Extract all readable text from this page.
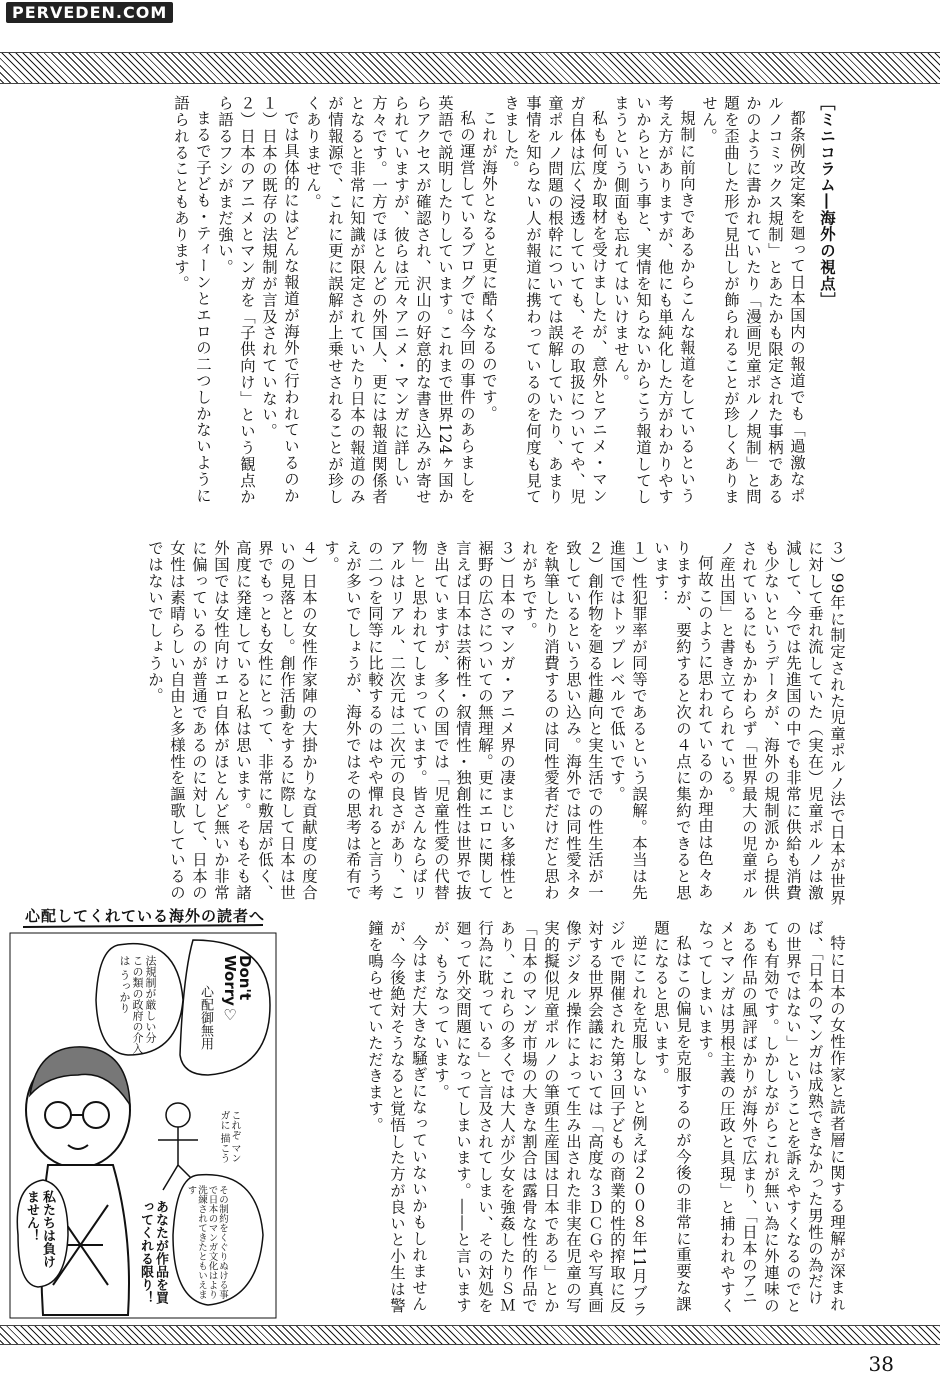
PERVEDEN.COM
［ミニコラム―海外の視点］

都条例改定案を廻って日本国内の報道でも「過激なポルノコミックス規制」とあたかも限定された事柄であるかのように書かれていたり「漫画児童ポルノ規制」と問題を歪曲した形で見出しが飾られることが珍しくありません。

規制に前向きであるからこんな報道をしているという考え方がありますが、他にも単純化した方がわかりやすいからという事と、実情を知らないからこう報道してしまうという側面も忘れてはいけません。

私も何度か取材を受けましたが、意外とアニメ・マンガ自体は広く浸透していても、その取扱についてや、児童ポルノ問題の根幹については誤解していたり、あまり事情を知らない人が報道に携わっているのを何度も見てきました。

これが海外となると更に酷くなるのです。

私の運営しているブログでは今回の事件のあらましを英語で説明したりしています。これまで世界124ヶ国からアクセスが確認され、沢山の好意的な書き込みが寄せられていますが、彼らは元々アニメ・マンガに詳しい方々です。一方でほとんどの外国人、更には報道関係者となると非常に知識が限定されていたり日本の報道のみが情報源で、これに更に誤解が上乗せされることが珍しくありません。

では具体的にはどんな報道が海外で行われているのか

１）日本の既存の法規制が言及されていない。

２）日本のアニメとマンガを「子供向け」という観点から語るフシがまだ強い。

まるで子ども・ティーンとエロの二つしかないように語られることもあります。

３）99年に制定された児童ポルノ法で日本が世界に対して垂れ流していた（実在）児童ポルノは激減して、今では先進国の中でも非常に供給も消費も少ないというデータが、海外の規制派から提供されているにもかかわらず「世界最大の児童ポルノ産出国」と書き立てられている。

何故このように思われているのか理由は色々ありますが、要約すると次の４点に集約できると思います：

１）性犯罪率が同等であるという誤解。本当は先進国ではトップレベルで低いです。

２）創作物を廻る性趣向と実生活での性生活が一致しているという思い込み。海外では同性愛ネタを執筆したり消費するのは同性愛者だけだと思われがちです。

３）日本のマンガ・アニメ界の凄まじい多様性と裾野の広さについての無理解。更にエロに関して言えば日本は芸術性・叙情性・独創性は世界で抜き出ていますが、多くの国では「児童性愛の代替物」と思われてしまっています。皆さんならばリアルはリアル、二次元は二次元の良さがあり、この二つを同等に比較するのはやや憚れると言う考えが多いでしょうが、海外ではその思考は希有です。

４）日本の女性作家陣の大掛かりな貢献度の度合いの見落とし。創作活動をするに際して日本は世界でもっとも女性にとって、非常に敷居が低く、高度に発達していると私は思います。そもそも諸外国では女性向けエロ自体がほとんど無いか非常に偏っているのが普通であるのに対して、日本の女性は素晴らしい自由と多様性を謳歌しているのではないでしょうか。

特に日本の女性作家と読者層に関する理解が深まれば、「日本のマンガは成熟できなかった男性の為だけの世界ではない」ということを訴えやすくなるのでとても有効です。しかしながらこれが無い為に外連味のある作品の風評ばかりが海外で広まり、「日本のアニメとマンガは男根主義の圧政と具現」と捕われやすくなってしまいます。

私はこの偏見を克服するのが今後の非常に重要な課題になると思います。

逆にこれを克服しないと例えば２００８年11月ブラジルで開催された第３回子どもの商業的性的搾取に反対する世界会議においては「高度な３ＤＣＧや写真画像デジタル操作によって生み出された非実在児童の写実的擬似児童ポルノの筆頭生産国は日本である」とか「日本のマンガ市場の大きな割合は露骨な性的作品であり、これらの多くでは大人が少女を強姦したりＳＭ行為に耽っている」と言及されてしまい、その対処を廻って外交問題になってしまいます。――と言いますが、もうなっています。

今はまだ大きな騒ぎになっていないかもしれませんが、今後絶対そうなると覚悟した方が良いと小生は警鐘を鳴らせていただきます。

心配してくれている海外の読者へ
法規制が厳しい分 この類の政府の介入は うっかり	Don't Worry♡
心配御無用
これぞ マンガに 描こう
私たちは負けません！	その制約をくぐりぬける事で日本のマンガ文化はより洗練されてきたともいえます
あなたが作品を買ってくれる限り！
38
